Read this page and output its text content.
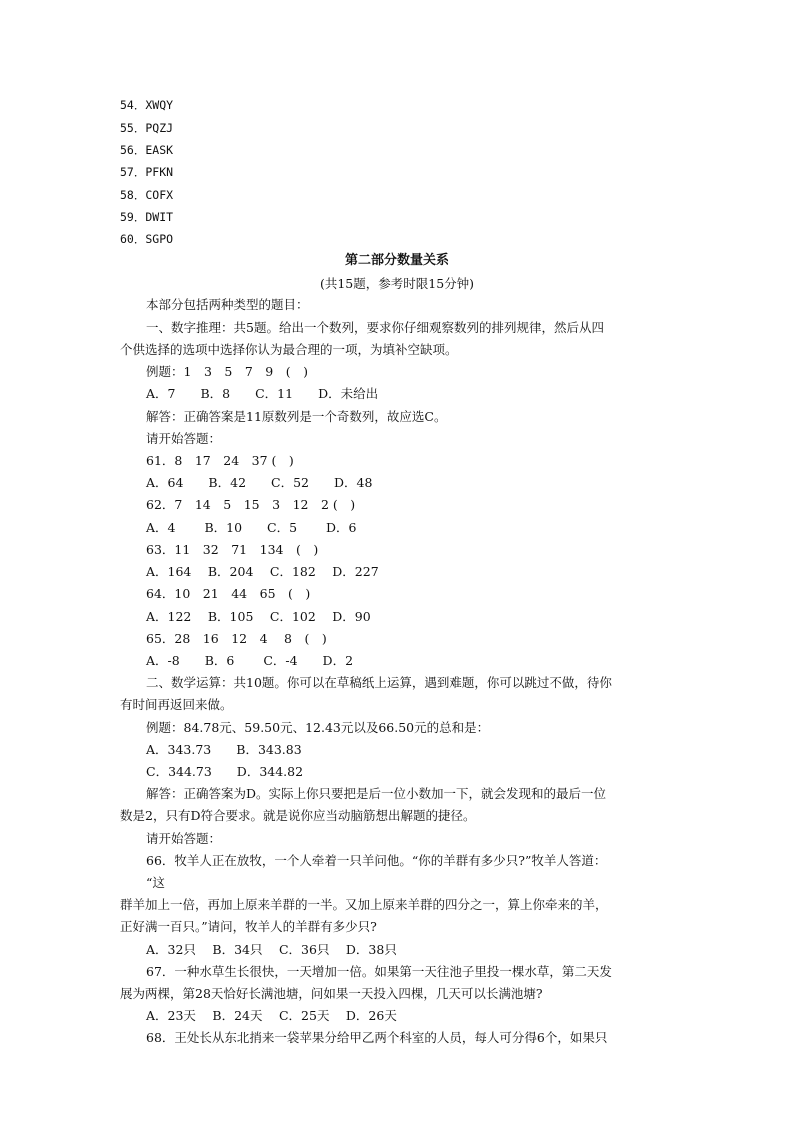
54．XWQY
55．PQZJ
56．EASK
57．PFKN
58．COFX
59．DWIT
60．SGPO
第二部分数量关系
(共15题，参考时限15分钟)
本部分包括两种类型的题目：
一、数字推理：共5题。给出一个数列，要求你仔细观察数列的排列规律，然后从四
个供选择的选项中选择你认为最合理的一项，为填补空缺项。
例题：1　3　5　7　9　(　)
A．7　　B．8　　C．11　　D．未给出
解答：正确答案是11原数列是一个奇数列，故应选C。
请开始答题：
61．8　17　24　37 (　)
A．64　　B．42　　C．52　　D．48
62．7　14　5　15　3　12　2 (　)
A．4　　 B．10　　C．5　　 D．6
63．11　32　71　134　(　)
A．164　 B．204　 C．182　 D．227
64．10　21　44　65　(　)
A．122　 B．105　 C．102　 D．90
65．28　16　12　4　 8　(　)
A．-8　　B．6　　 C．-4　　D．2
二、数学运算：共10题。你可以在草稿纸上运算，遇到难题，你可以跳过不做，待你
有时间再返回来做。
例题：84.78元、59.50元、12.43元以及66.50元的总和是：
A．343.73　　B．343.83
C．344.73　　D．344.82
解答：正确答案为D。实际上你只要把是后一位小数加一下，就会发现和的最后一位
数是2，只有D符合要求。就是说你应当动脑筋想出解题的捷径。
请开始答题：
66．牧羊人正在放牧，一个人牵着一只羊问他。“你的羊群有多少只?”牧羊人答道：
“这
群羊加上一倍，再加上原来羊群的一半。又加上原来羊群的四分之一，算上你牵来的羊，
正好满一百只。”请问，牧羊人的羊群有多少只?
A．32只　 B．34只　 C．36只　 D．38只
67．一种水草生长很快，一天增加一倍。如果第一天往池子里投一棵水草，第二天发
展为两棵，第28天恰好长满池塘，问如果一天投入四棵，几天可以长满池塘?
A．23天　 B．24天　 C．25天　 D．26天
68．王处长从东北捎来一袋苹果分给甲乙两个科室的人员，每人可分得6个，如果只
